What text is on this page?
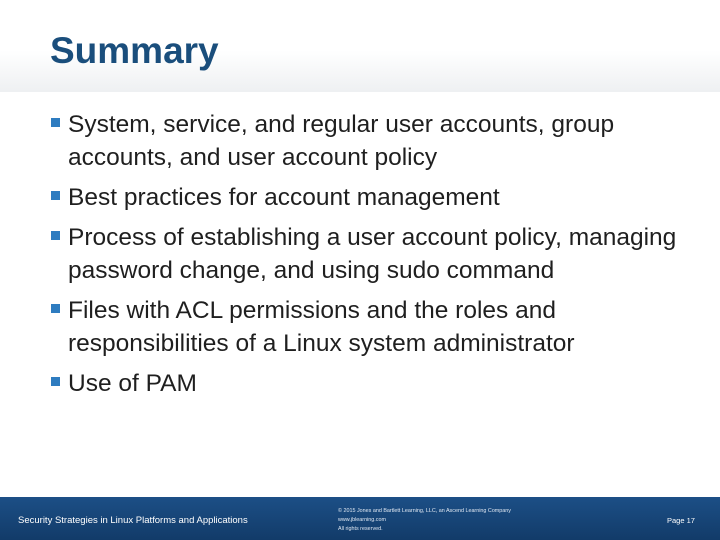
Summary
System, service, and regular user accounts, group accounts, and user account policy
Best practices for account management
Process of establishing a user account policy, managing password change, and using sudo command
Files with ACL permissions and the roles and responsibilities of a Linux system administrator
Use of PAM
Security Strategies in Linux Platforms and Applications
© 2015 Jones and Bartlett Learning, LLC, an Ascend Learning Company
www.jblearning.com
All rights reserved.
Page 17
